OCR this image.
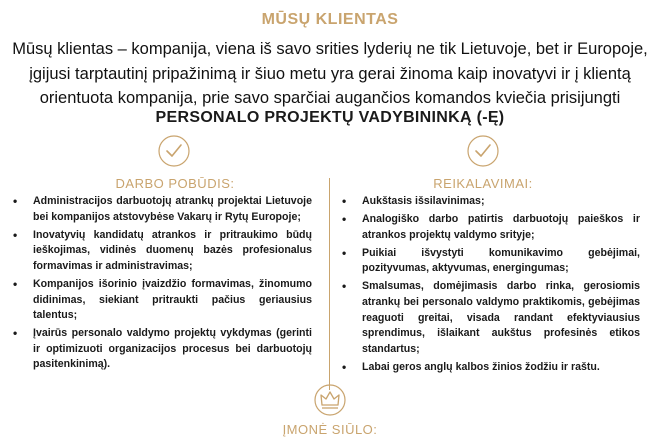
MŪSŲ KLIENTAS
Mūsų klientas – kompanija, viena iš savo srities lyderių ne tik Lietuvoje, bet ir Europoje,
įgijusi tarptautinį pripažinimą ir šiuo metu yra gerai žinoma kaip inovatyvi ir į klientą
orientuota kompanija, prie savo sparčiai augančios komandos kviečia prisijungti
PERSONALO PROJEKTŲ VADYBININKĄ (-Ę)
DARBO POBŪDIS:	REIKALAVIMAI:
• Administracijos darbuotojų atrankų projektai Lietuvoje bei kompanijos atstovybėse Vakarų ir Rytų Europoje;
• Inovatyvių kandidatų atrankos ir pritraukimo būdų ieškojimas, vidinės duomenų bazės profesionalus formavimas ir administravimas;
• Kompanijos išorinio įvaizdžio formavimas, žinomumo didinimas, siekiant pritraukti pačius geriausius talentus;
• Įvairūs personalo valdymo projektų vykdymas (gerinti ir optimizuoti organizacijos procesus bei darbuotojų pasitenkinimą).
• Aukštasis išsilavinimas;
• Analogiško darbo patirtis darbuotojų paieškos ir atrankos projektų valdymo srityje;
• Puikiai išvystyti komunikavimo gebėjimai, pozityvumas, aktyvumas, energingumas;
• Smalsumas, domėjimasis darbo rinka, gerosiomis atrankų bei personalo valdymo praktikomis, gebėjimas reaguoti greitai, visada randant efektyviausius sprendimus, išlaikant aukštus profesinės etikos standartus;
• Labai geros anglų kalbos žinios žodžiu ir raštu.
ĮMONĖ SIŪLO:
